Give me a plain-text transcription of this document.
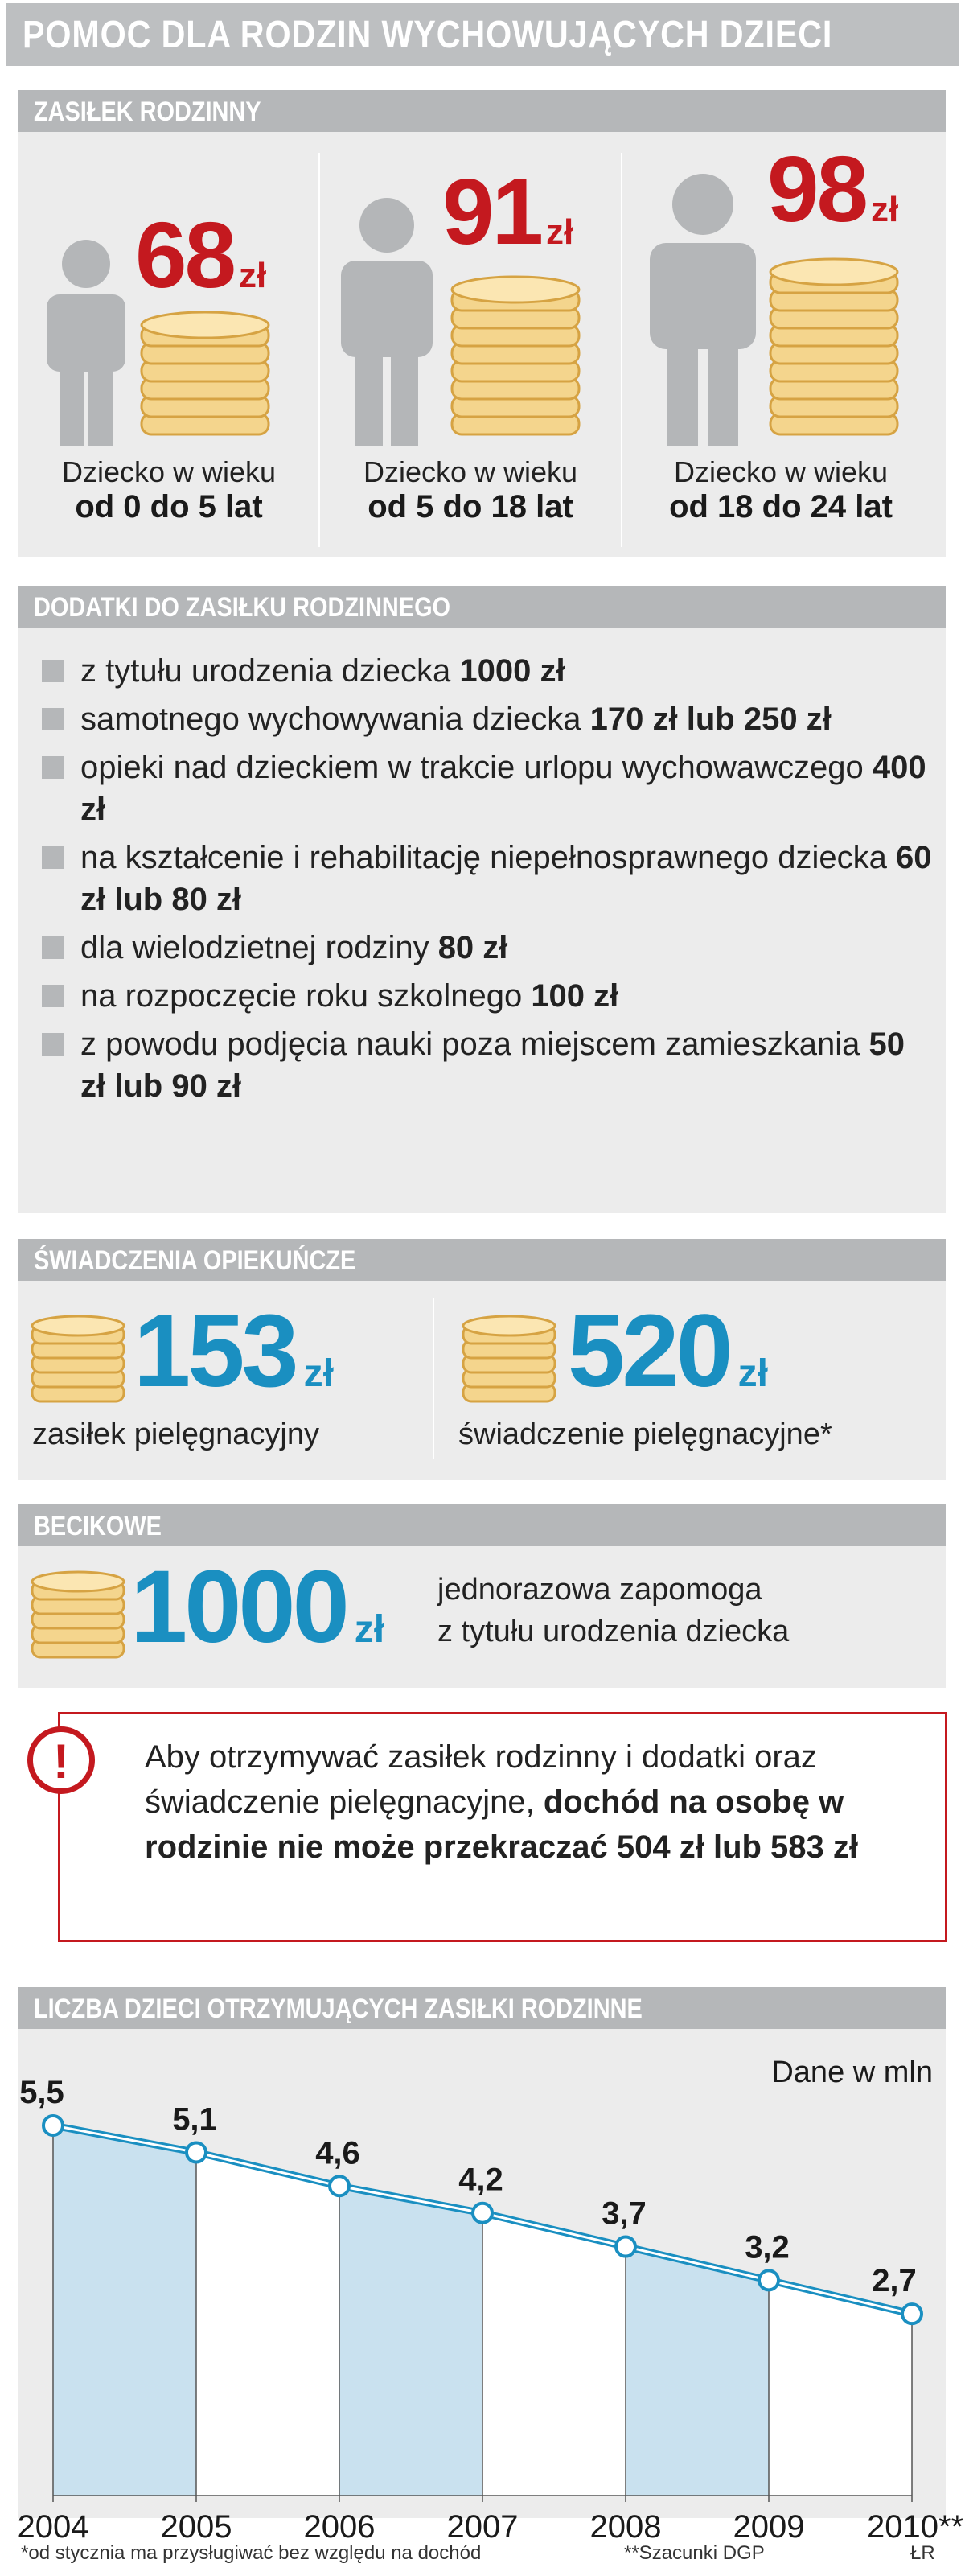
POMOC DLA RODZIN WYCHOWUJĄCYCH DZIECI
ZASIŁEK RODZINNY
68 zł
91 zł 98 zł
Dziecko w wieku
od 0 do 5 lat
Dziecko w wieku
od 5 do 18 lat
Dziecko w wieku
od 18 do 24 lat
DODATKI DO ZASIŁKU RODZINNEGO
z tytułu urodzenia dziecka 1000 zł
samotnego wychowywania dziecka 170 zł lub 250 zł
opieki nad dzieckiem w trakcie urlopu wychowawczego 400 zł
na kształcenie i rehabilitację niepełnosprawnego dziecka 60 zł lub 80 zł
dla wielodzietnej rodziny 80 zł
na rozpoczęcie roku szkolnego 100 zł
z powodu podjęcia nauki poza miejscem zamieszkania 50 zł lub 90 zł
ŚWIADCZENIA OPIEKUŃCZE
153 zł 520 zł
zasiłek pielęgnacyjny	świadczenie pielęgnacyjne*
BECIKOWE
1000 zł
jednorazowa zapomoga
z tytułu urodzenia dziecka
!	Aby otrzymywać zasiłek rodzinny i dodatki oraz świadczenie pielęgnacyjne, dochód na osobę w rodzinie nie może przekraczać 504 zł lub 583 zł
LICZBA DZIECI OTRZYMUJĄCYCH ZASIŁKI RODZINNE
5,5
5,1
4,6
4,2
3,7
3,2
2,7
2004 2005 2006 2007 2008 2009 2010**
Dane w mln
*od stycznia ma przysługiwać bez względu na dochód	**Szacunki DGP	ŁR
